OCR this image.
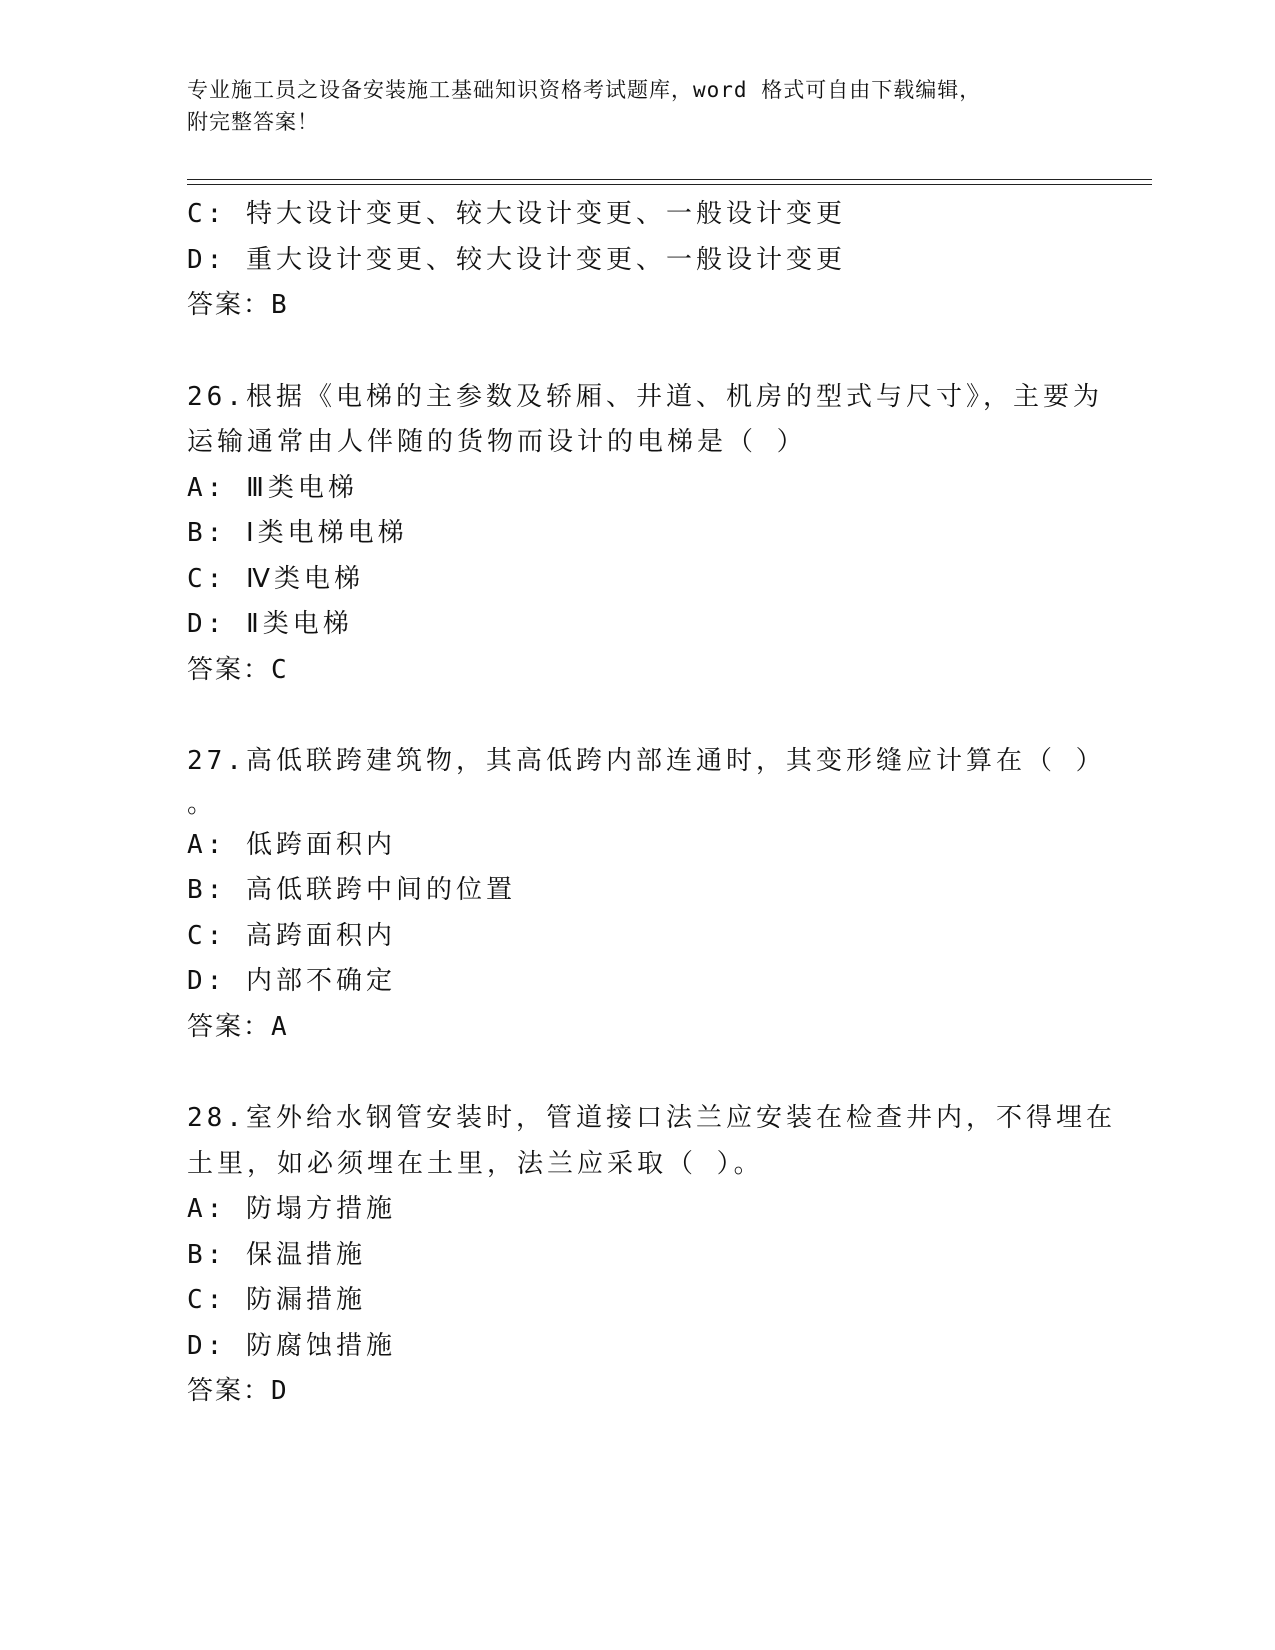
专业施工员之设备安装施工基础知识资格考试题库，word 格式可自由下载编辑，
附完整答案！
C: 特大设计变更、较大设计变更、一般设计变更
D: 重大设计变更、较大设计变更、一般设计变更
答案：B
26.根据《电梯的主参数及轿厢、井道、机房的型式与尺寸》，主要为
运输通常由人伴随的货物而设计的电梯是（ ）
A: Ⅲ类电梯
B: Ⅰ类电梯电梯
C: Ⅳ类电梯
D: Ⅱ类电梯
答案：C
27.高低联跨建筑物，其高低跨内部连通时，其变形缝应计算在（ ）
。
A: 低跨面积内
B: 高低联跨中间的位置
C: 高跨面积内
D: 内部不确定
答案：A
28.室外给水钢管安装时，管道接口法兰应安装在检查井内，不得埋在
土里，如必须埋在土里，法兰应采取（ ）。
A: 防塌方措施
B: 保温措施
C: 防漏措施
D: 防腐蚀措施
答案：D
